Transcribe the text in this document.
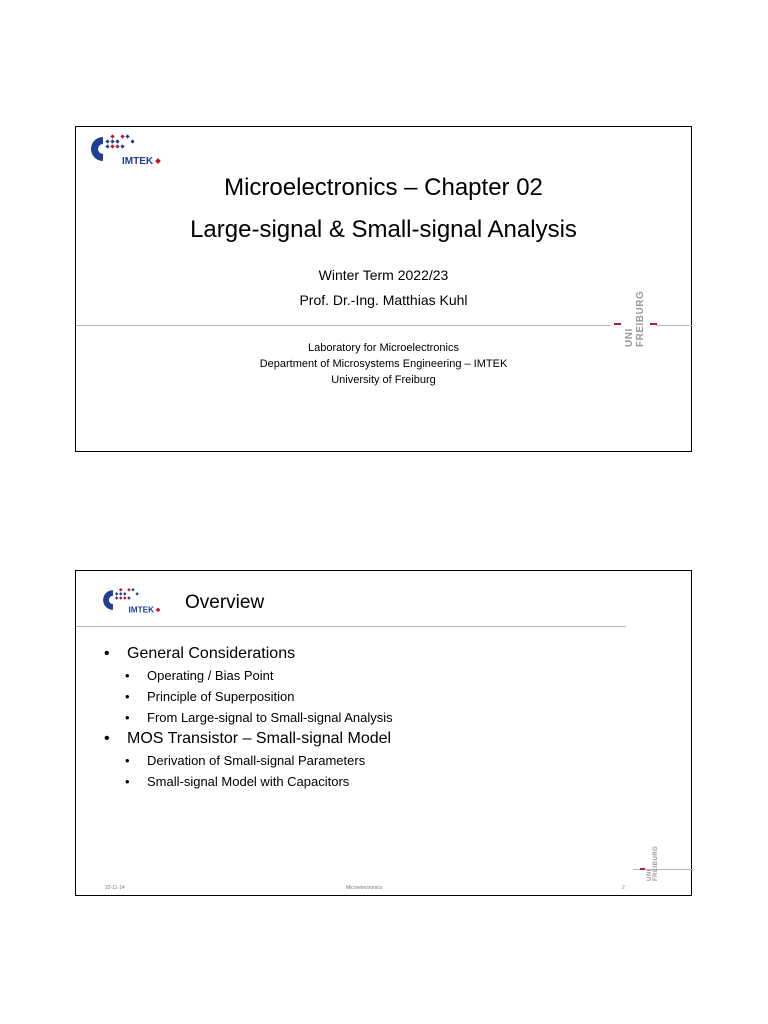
IMTEK
Microelectronics – Chapter 02
Large-signal & Small-signal Analysis
Winter Term 2022/23
Prof. Dr.-Ing. Matthias Kuhl
Laboratory for Microelectronics
Department of Microsystems Engineering – IMTEK
University of Freiburg
UNI FREIBURG
IMTEK Overview
• General Considerations
• Operating / Bias Point
• Principle of Superposition
• From Large-signal to Small-signal Analysis
• MOS Transistor – Small-signal Model
• Derivation of Small-signal Parameters
• Small-signal Model with Capacitors
UNI FREIBURG
22-11-14	Microelectronics	2
